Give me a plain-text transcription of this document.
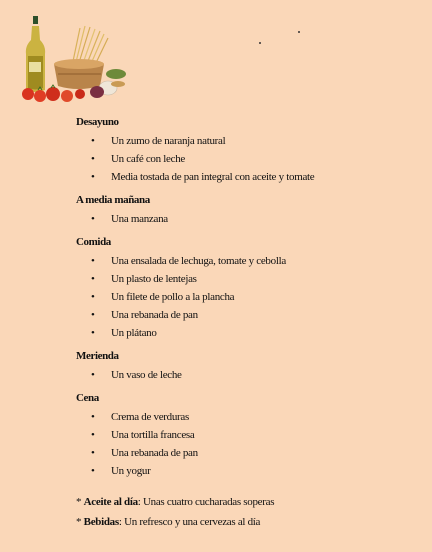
Desayuno

• Un zumo de naranja natural
• Un café con leche
• Media tostada de pan integral con aceite y tomate

A media mañana

• Una manzana

Comida

• Una ensalada de lechuga, tomate y cebolla
• Un plasto de lentejas
• Un filete de pollo a la plancha
• Una rebanada de pan
• Un plátano

Merienda

• Un vaso de leche

Cena

• Crema de verduras
• Una tortilla francesa
• Una rebanada de pan
• Un yogur
* Aceite al día: Unas cuatro cucharadas soperas
* Bebidas: Un refresco y una cervezas al día
